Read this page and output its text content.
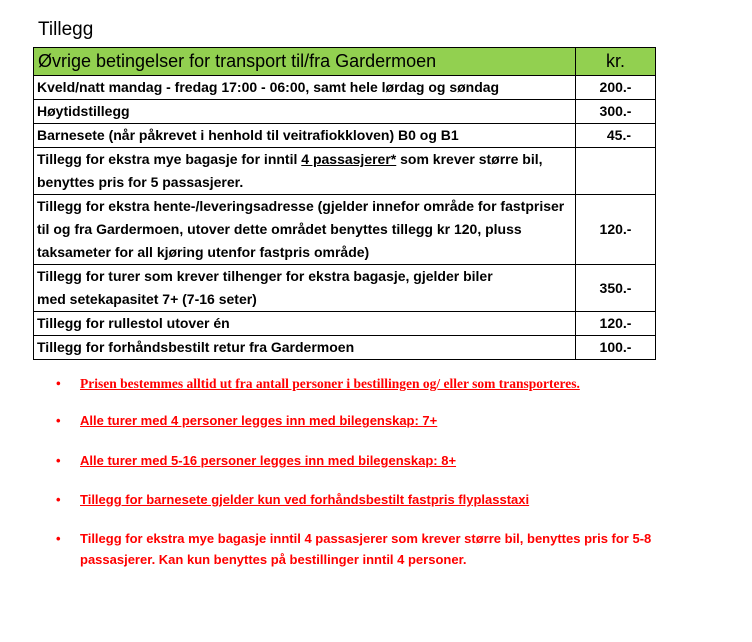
Tillegg
Øvrige betingelser for transport til/fra Gardermoen	kr.
Kveld/natt mandag - fredag 17:00 - 06:00, samt hele lørdag og søndag	200.-
Høytidstillegg	300.-
Barnesete (når påkrevet i henhold til veitrafiokkloven) B0 og B1	45.-
Tillegg for ekstra mye bagasje for inntil 4 passasjerer* som krever større bil, benyttes pris for 5 passasjerer.	
Tillegg for ekstra hente-/leveringsadresse (gjelder innefor område for fastpriser til og fra Gardermoen, utover dette området benyttes tillegg kr 120, pluss taksameter for all kjøring utenfor fastpris område)	120.-
Tillegg for turer som krever tilhenger for ekstra bagasje, gjelder biler
med setekapasitet 7+ (7-16 seter)	350.-
Tillegg for rullestol utover én	120.-
Tillegg for forhåndsbestilt retur fra Gardermoen	100.-
• Prisen bestemmes alltid ut fra antall personer i bestillingen og/ eller som transporteres.
• Alle turer med 4 personer legges inn med bilegenskap: 7+
• Alle turer med 5-16 personer legges inn med bilegenskap: 8+
• Tillegg for barnesete gjelder kun ved forhåndsbestilt fastpris flyplasstaxi
• Tillegg for ekstra mye bagasje inntil 4 passasjerer som krever større bil, benyttes pris for 5-8 passasjerer. Kan kun benyttes på bestillinger inntil 4 personer.
